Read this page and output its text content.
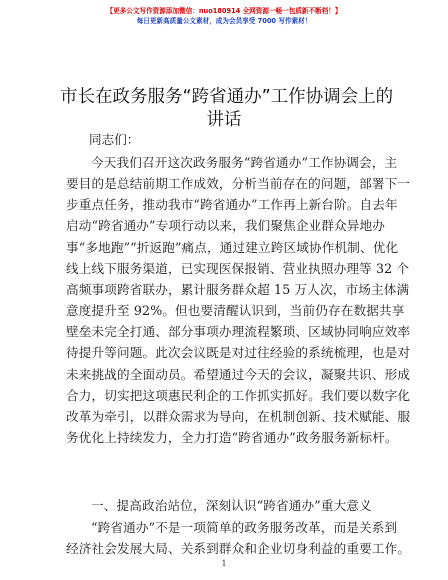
【更多公文写作资源添加微信：nuo180914 全网资源一畅一包质新不断档！】
每日更新高质量公文素材，成为会员享受 7000 写作素材！
市长在政务服务“跨省通办”工作协调会上的
讲话
同志们：
今天我们召开这次政务服务“跨省通办”工作协调会，主
要目的是总结前期工作成效，分析当前存在的问题，部署下一
步重点任务，推动我市“跨省通办”工作再上新台阶。自去年
启动“跨省通办”专项行动以来，我们聚焦企业群众异地办
事“多地跑”“折返跑”痛点，通过建立跨区域协作机制、优化
线上线下服务渠道，已实现医保报销、营业执照办理等 32 个
高频事项跨省联办，累计服务群众超 15 万人次，市场主体满
意度提升至 92%。但也要清醒认识到，当前仍存在数据共享
壁垒未完全打通、部分事项办理流程繁琐、区域协同响应效率
待提升等问题。此次会议既是对过往经验的系统梳理，也是对
未来挑战的全面动员。希望通过今天的会议，凝聚共识、形成
合力，切实把这项惠民利企的工作抓实抓好。我们要以数字化
改革为牵引，以群众需求为导向，在机制创新、技术赋能、服
务优化上持续发力，全力打造“跨省通办”政务服务新标杆。
一、提高政治站位，深刻认识“跨省通办”重大意义
“跨省通办”不是一项简单的政务服务改革，而是关系到
经济社会发展大局、关系到群众和企业切身利益的重要工作。
1
